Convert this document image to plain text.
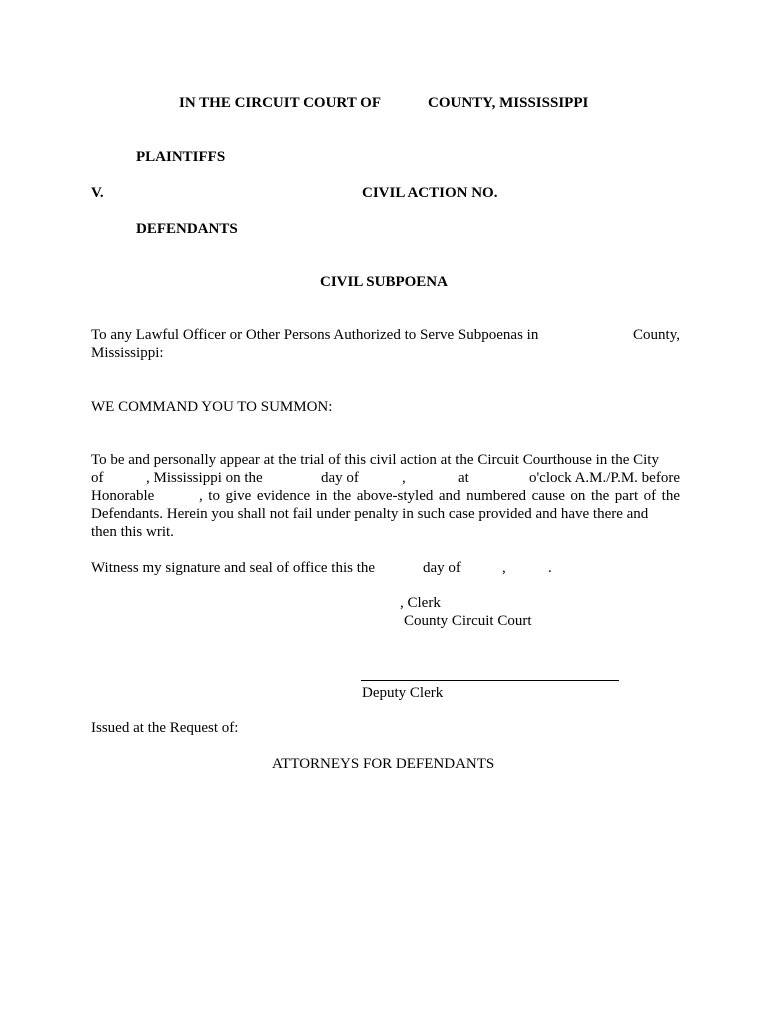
IN THE CIRCUIT COURT OF	COUNTY, MISSISSIPPI
PLAINTIFFS
V.	CIVIL ACTION NO.
DEFENDANTS
CIVIL SUBPOENA
To any Lawful Officer or Other Persons Authorized to Serve Subpoenas in	County,
Mississippi:
WE COMMAND YOU TO SUMMON:
To be and personally appear at the trial of this civil action at the Circuit Courthouse in the City
of	, Mississippi on the	day of	,	at	o'clock A.M./P.M. before
Honorable	, to give evidence in the above-styled and numbered cause on the part of the
Defendants. Herein you shall not fail under penalty in such case provided and have there and
then this writ.
Witness my signature and seal of office this the	day of	,	.
, Clerk
County Circuit Court
Deputy Clerk
Issued at the Request of:
ATTORNEYS FOR DEFENDANTS
